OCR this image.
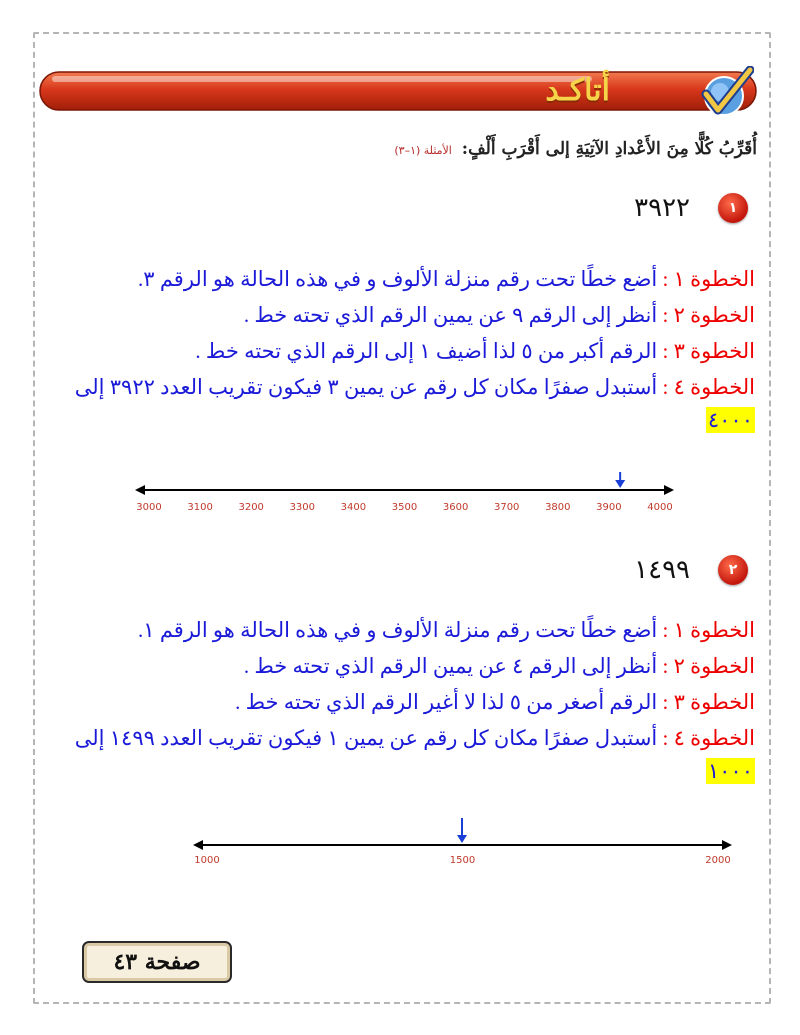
أتاكـد
أُقَرِّبُ كُلًّا مِنَ الأَعْدادِ الآتِيَةِ إلى أَقْرَبِ أَلْفٍ: الأمثلة (١–٣)
١
٣٩٢٢
الخطوة ١ : أضع خطًا تحت رقم منزلة الألوف و في هذه الحالة هو الرقم ٣.
الخطوة ٢ : أنظر إلى الرقم ٩ عن يمين الرقم الذي تحته خط .
الخطوة ٣ : الرقم أكبر من ٥ لذا أضيف ١ إلى الرقم الذي تحته خط .
الخطوة ٤ : أستبدل صفرًا مكان كل رقم عن يمين ٣ فيكون تقريب العدد ٣٩٢٢ إلى
٤٠٠٠
3000	3100	3200	3300	3400	3500	3600	3700	3800	3900	4000
٢
١٤٩٩
الخطوة ١ : أضع خطًا تحت رقم منزلة الألوف و في هذه الحالة هو الرقم ١.
الخطوة ٢ : أنظر إلى الرقم ٤ عن يمين الرقم الذي تحته خط .
الخطوة ٣ : الرقم أصغر من ٥ لذا لا أغير الرقم الذي تحته خط .
الخطوة ٤ : أستبدل صفرًا مكان كل رقم عن يمين ١ فيكون تقريب العدد ١٤٩٩ إلى
١٠٠٠
1000	1500	2000
صفحة ٤٣
